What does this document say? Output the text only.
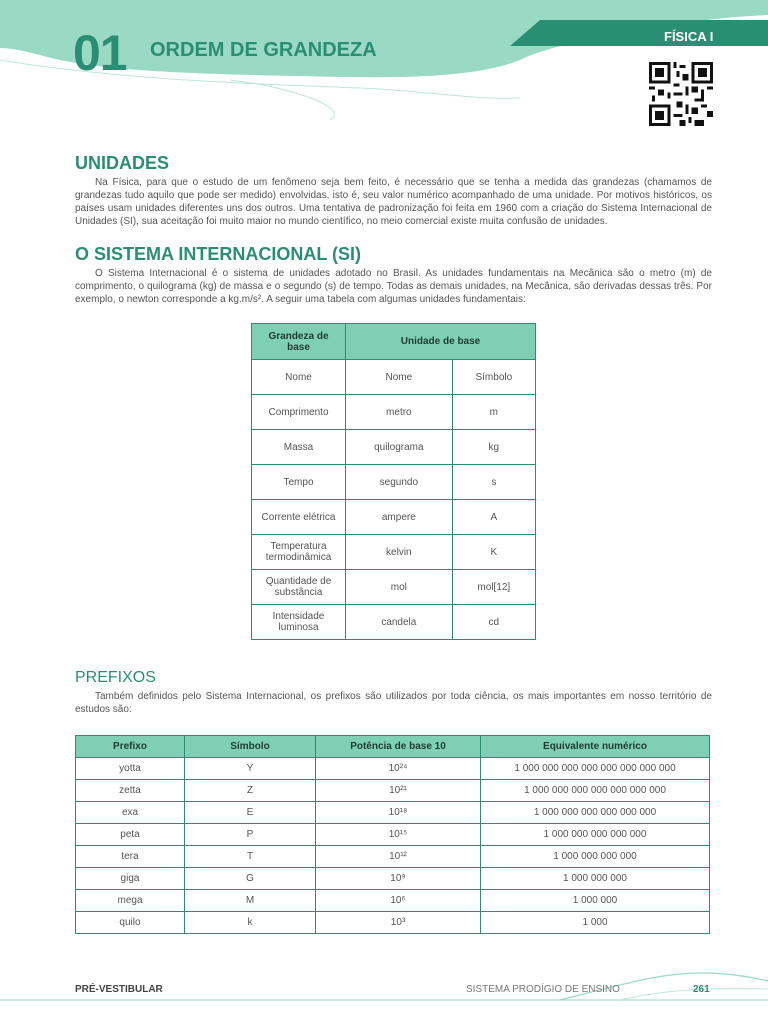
01 ORDEM DE GRANDEZA
FÍSICA I
UNIDADES

Na Física, para que o estudo de um fenômeno seja bem feito, é necessário que se tenha a medida das grandezas (chamamos de grandezas tudo aquilo que pode ser medido) envolvidas, isto é, seu valor numérico acompanhado de uma unidade. Por motivos históricos, os países usam unidades diferentes uns dos outros. Uma tentativa de padronização foi feita em 1960 com a criação do Sistema Internacional de Unidades (SI), sua aceitação foi muito maior no mundo científico, no meio comercial existe muita confusão de unidades.

O SISTEMA INTERNACIONAL (SI)

O Sistema Internacional é o sistema de unidades adotado no Brasil. As unidades fundamentais na Mecânica são o metro (m) de comprimento, o quilograma (kg) de massa e o segundo (s) de tempo. Todas as demais unidades, na Mecânica, são derivadas dessas três. Por exemplo, o newton corresponde a kg.m/s². A seguir uma tabela com algumas unidades fundamentais:

Grandeza de base	Unidade de base	
Nome	Nome	Símbolo
Comprimento	metro	m
Massa	quilograma	kg
Tempo	segundo	s
Corrente elétrica	ampere	A
Temperatura termodinâmica	kelvin	K
Quantidade de substância	mol	mol[12]
Intensidade luminosa	candela	cd
PREFIXOS

Também definidos pelo Sistema Internacional, os prefixos são utilizados por toda ciência, os mais importantes em nosso território de estudos são:

Prefixo	Símbolo	Potência de base 10	Equivalente numérico
yotta	Y	10²⁴	1 000 000 000 000 000 000 000 000
zetta	Z	10²¹	1 000 000 000 000 000 000 000
exa	E	10¹⁸	1 000 000 000 000 000 000
peta	P	10¹⁵	1 000 000 000 000 000
tera	T	10¹²	1 000 000 000 000
giga	G	10⁹	1 000 000 000
mega	M	10⁶	1 000 000
quilo	k	10³	1 000
PRÉ-VESTIBULAR	SISTEMA PRODÍGIO DE ENSINO	261
